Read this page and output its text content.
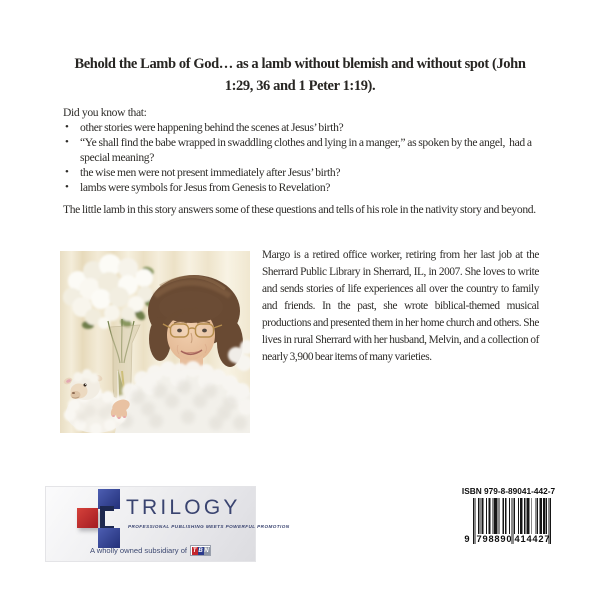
Behold the Lamb of God… as a lamb without blemish and without spot (John
1:29, 36 and 1 Peter 1:19).
Did you know that:
• other stories were happening behind the scenes at Jesus’ birth?
• “Ye shall find the babe wrapped in swaddling clothes and lying in a manger,” as spoken by the angel,  had a special meaning?
• the wise men were not present immediately after Jesus’ birth?
• lambs were symbols for Jesus from Genesis to Revelation?

The little lamb in this story answers some of these questions and tells of his role in the nativity story and beyond.

Margo is a retired office worker, retiring from her last job at the Sherrard Public Library in Sherrard, IL, in 2007. She loves to write and sends stories of life experiences all over the country to family and friends. In the past, she wrote biblical-themed musical productions and presented them in her home church and others. She lives in rural Sherrard with her husband, Melvin, and a collection of nearly 3,900 bear items of many varieties.

TRILOGY
PROFESSIONAL PUBLISHING MEETS POWERFUL PROMOTION
A wholly owned subsidiary of T B N
ISBN 979-8-89041-442-7
9 798890 414427
